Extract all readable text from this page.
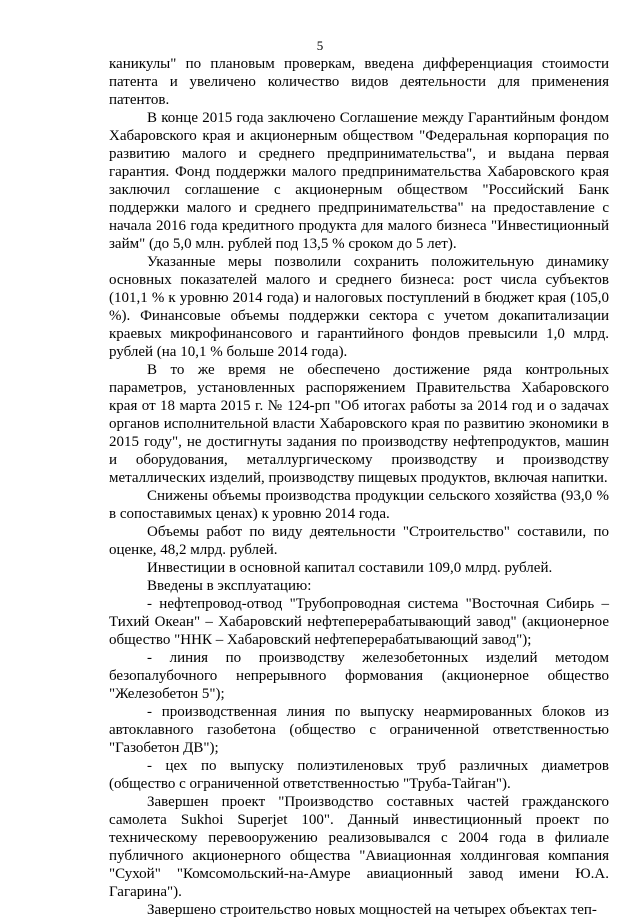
5

каникулы" по плановым проверкам, введена дифференциация стоимости патента и увеличено количество видов деятельности для применения патентов.

В конце 2015 года заключено Соглашение между Гарантийным фондом Хабаровского края и акционерным обществом "Федеральная корпорация по развитию малого и среднего предпринимательства", и выдана первая гарантия. Фонд поддержки малого предпринимательства Хабаровского края заключил соглашение с акционерным обществом "Российский Банк поддержки малого и среднего предпринимательства" на предоставление с начала 2016 года кредитного продукта для малого бизнеса "Инвестиционный займ" (до 5,0 млн. рублей под 13,5 % сроком до 5 лет).

Указанные меры позволили сохранить положительную динамику основных показателей малого и среднего бизнеса: рост числа субъектов (101,1 % к уровню 2014 года) и налоговых поступлений в бюджет края (105,0 %). Финансовые объемы поддержки сектора с учетом докапитализации краевых микрофинансового и гарантийного фондов превысили 1,0 млрд. рублей (на 10,1 % больше 2014 года).

В то же время не обеспечено достижение ряда контрольных параметров, установленных распоряжением Правительства Хабаровского края от 18 марта 2015 г. № 124-рп "Об итогах работы за 2014 год и о задачах органов исполнительной власти Хабаровского края по развитию экономики в 2015 году", не достигнуты задания по производству нефтепродуктов, машин и оборудования, металлургическому производству и производству металлических изделий, производству пищевых продуктов, включая напитки.

Снижены объемы производства продукции сельского хозяйства (93,0 % в сопоставимых ценах) к уровню 2014 года.

Объемы работ по виду деятельности "Строительство" составили, по оценке, 48,2 млрд. рублей.

Инвестиции в основной капитал составили 109,0 млрд. рублей.

Введены в эксплуатацию:

- нефтепровод-отвод "Трубопроводная система "Восточная Сибирь – Тихий Океан" – Хабаровский нефтеперерабатывающий завод" (акционерное общество "ННК – Хабаровский нефтеперерабатывающий завод");

- линия по производству железобетонных изделий методом безопалубочного непрерывного формования (акционерное общество "Железобетон 5");

- производственная линия по выпуску неармированных блоков из автоклавного газобетона (общество с ограниченной ответственностью "Газобетон ДВ");

- цех по выпуску полиэтиленовых труб различных диаметров (общество с ограниченной ответственностью "Труба-Тайган").

Завершен проект "Производство составных частей гражданского самолета Sukhoi Superjet 100". Данный инвестиционный проект по техническому перевооружению реализовывался с 2004 года в филиале публичного акционерного общества "Авиационная холдинговая компания "Сухой" "Комсомольский-на-Амуре авиационный завод имени Ю.А. Гагарина").

Завершено строительство новых мощностей на четырех объектах теп-
